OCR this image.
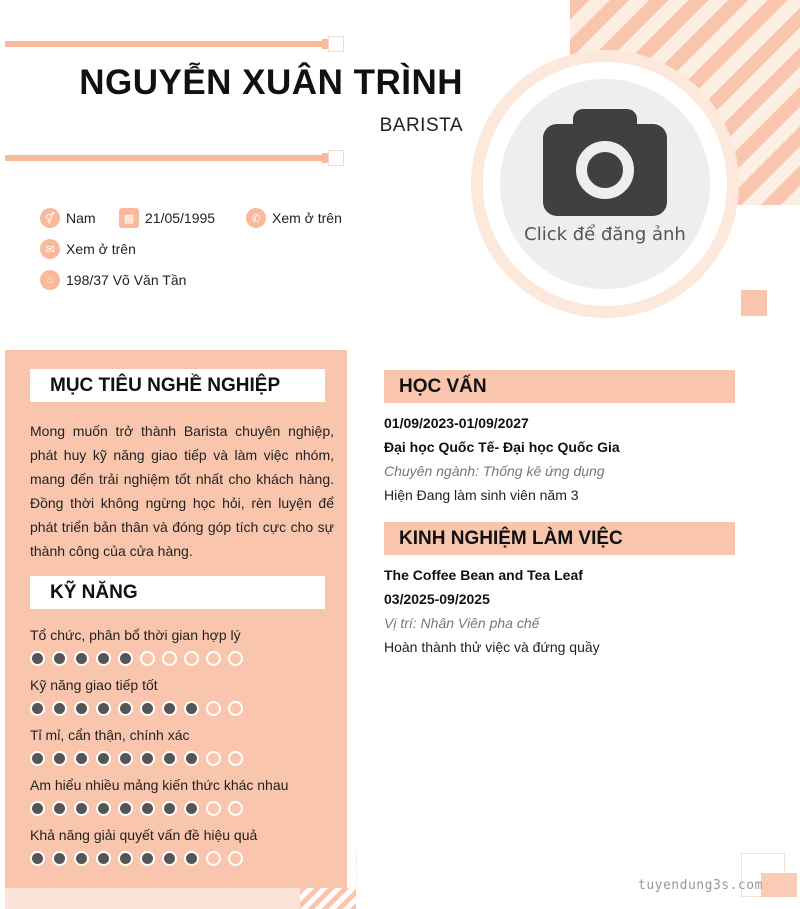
Click để đăng ảnh
NGUYỄN XUÂN TRÌNH
BARISTA
⚥ Nam	▦ 21/05/1995	✆ Xem ở trên
✉ Xem ở trên
⌂ 198/37 Võ Văn Tần
MỤC TIÊU NGHỀ NGHIỆP
Mong muốn trở thành Barista chuyên nghiệp, phát huy kỹ năng giao tiếp và làm việc nhóm, mang đến trải nghiệm tốt nhất cho khách hàng. Đồng thời không ngừng học hỏi, rèn luyện để phát triển bản thân và đóng góp tích cực cho sự thành công của cửa hàng.
KỸ NĂNG
Tổ chức, phân bổ thời gian hợp lý
Kỹ năng giao tiếp tốt
Tỉ mỉ, cẩn thận, chính xác
Am hiểu nhiều mảng kiến thức khác nhau
Khả năng giải quyết vấn đề hiệu quả
HỌC VẤN
01/09/2023-01/09/2027
Đại học Quốc Tế- Đại học Quốc Gia
Chuyên ngành: Thống kê ứng dụng
Hiện Đang làm sinh viên năm 3
KINH NGHIỆM LÀM VIỆC
The Coffee Bean and Tea Leaf
03/2025-09/2025
Vị trí: Nhân Viên pha chế
Hoàn thành thử việc và đứng quầy
tuyendung3s.com
